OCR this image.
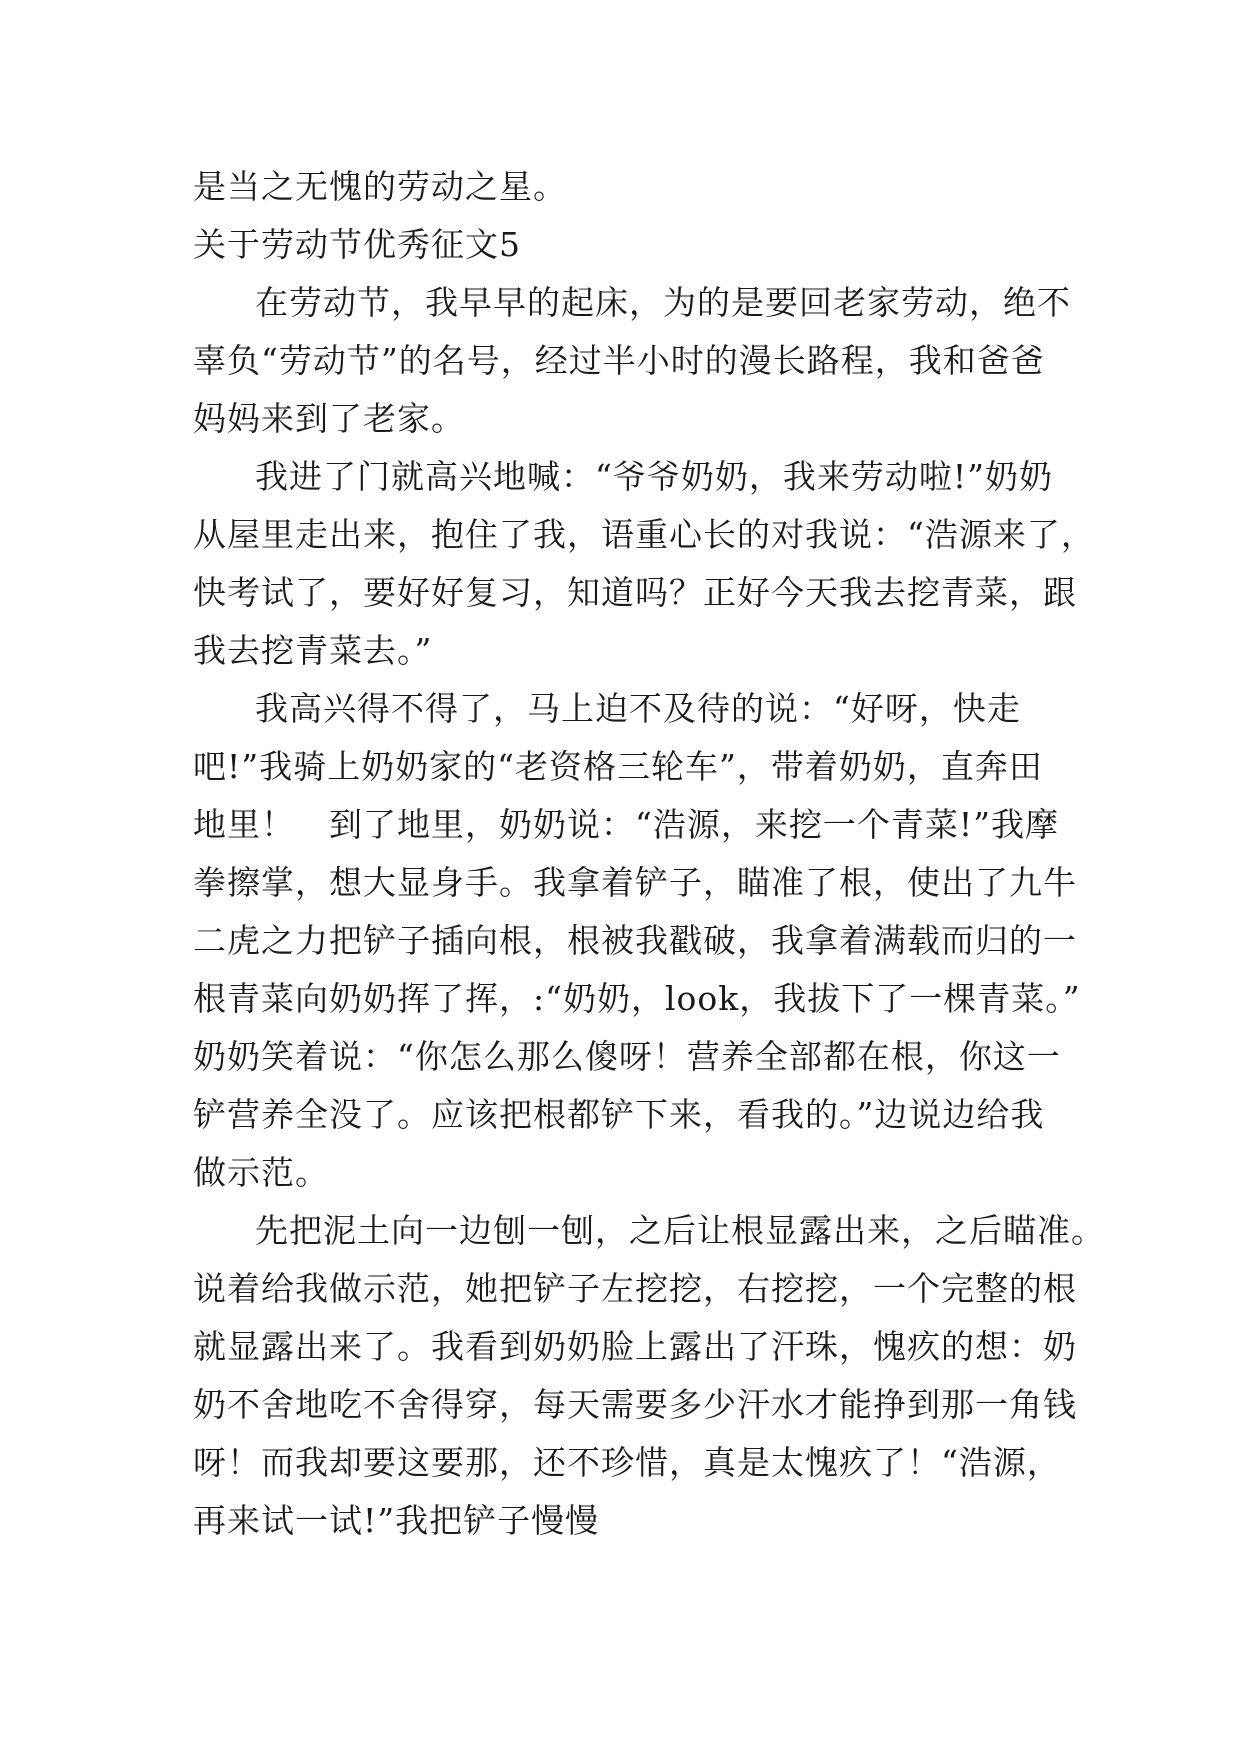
是当之无愧的劳动之星。
关于劳动节优秀征文5
在劳动节，我早早的起床，为的是要回老家劳动，绝不
辜负“劳动节”的名号，经过半小时的漫长路程，我和爸爸
妈妈来到了老家。
我进了门就高兴地喊：“爷爷奶奶，我来劳动啦!”奶奶
从屋里走出来，抱住了我，语重心长的对我说：“浩源来了，
快考试了，要好好复习，知道吗？正好今天我去挖青菜，跟
我去挖青菜去。”
我高兴得不得了，马上迫不及待的说：“好呀，快走
吧!”我骑上奶奶家的“老资格三轮车”，带着奶奶，直奔田
地里！　到了地里，奶奶说：“浩源，来挖一个青菜!”我摩
拳擦掌，想大显身手。我拿着铲子，瞄准了根，使出了九牛
二虎之力把铲子插向根，根被我戳破，我拿着满载而归的一
根青菜向奶奶挥了挥，:“奶奶，look，我拔下了一棵青菜。”
奶奶笑着说：“你怎么那么傻呀！营养全部都在根，你这一
铲营养全没了。应该把根都铲下来，看我的。”边说边给我
做示范。
先把泥土向一边刨一刨，之后让根显露出来，之后瞄准。
说着给我做示范，她把铲子左挖挖，右挖挖，一个完整的根
就显露出来了。我看到奶奶脸上露出了汗珠，愧疚的想：奶
奶不舍地吃不舍得穿，每天需要多少汗水才能挣到那一角钱
呀！而我却要这要那，还不珍惜，真是太愧疚了！“浩源，
再来试一试!”我把铲子慢慢
